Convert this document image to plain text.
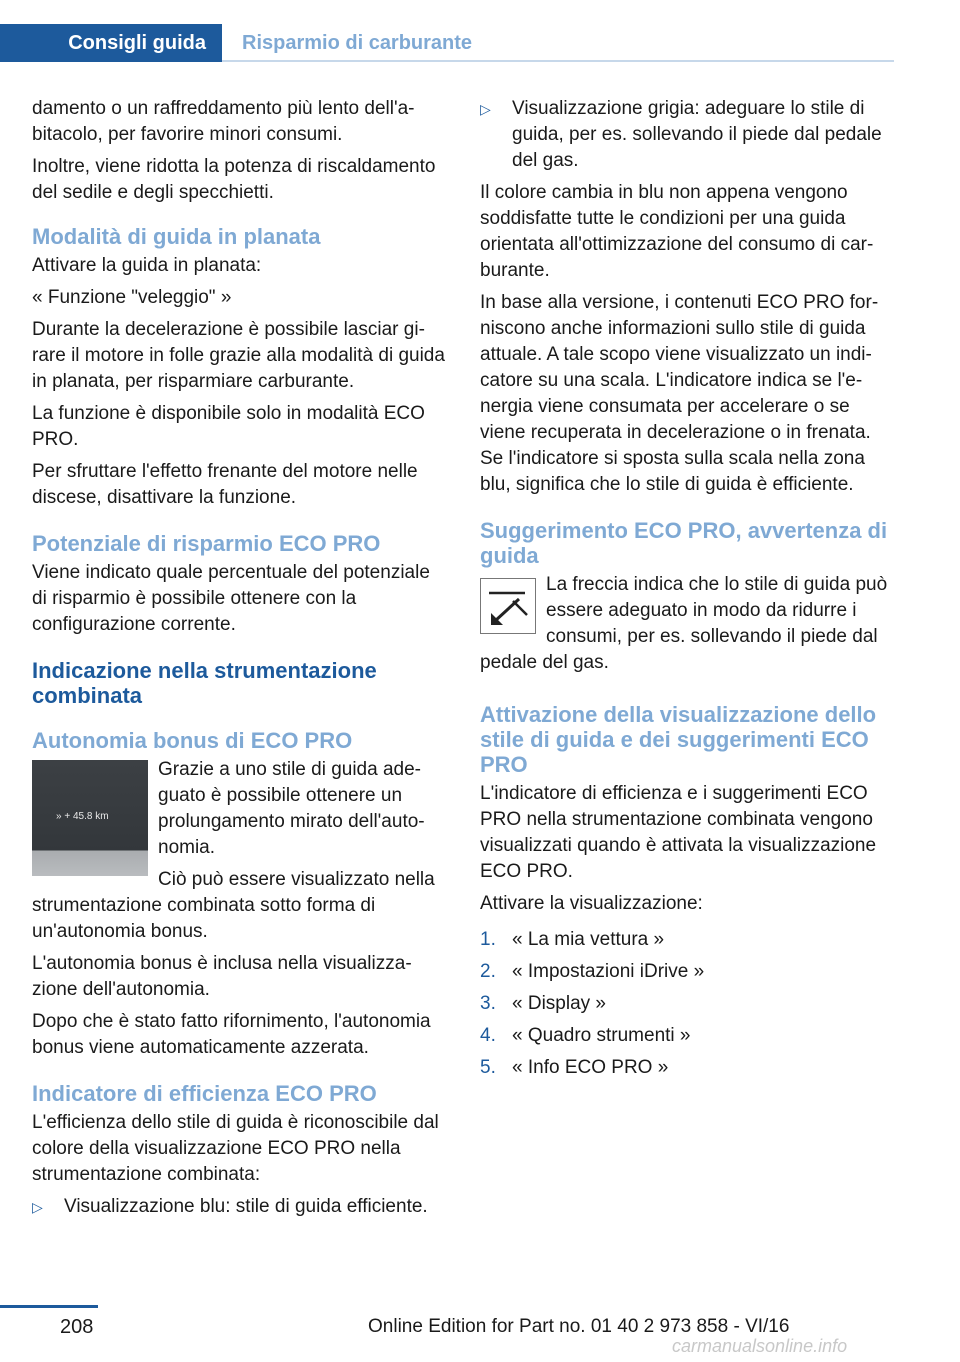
Consigli guida	Risparmio di carburante

damento o un raffreddamento più lento dell'abitacolo, per favorire minori consumi.

Inoltre, viene ridotta la potenza di riscaldamento del sedile e degli specchietti.

Modalità di guida in planata

Attivare la guida in planata:

« Funzione "veleggio" »

Durante la decelerazione è possibile lasciar girare il motore in folle grazie alla modalità di guida in planata, per risparmiare carburante.

La funzione è disponibile solo in modalità ECO PRO.

Per sfruttare l'effetto frenante del motore nelle discese, disattivare la funzione.

Potenziale di risparmio ECO PRO

Viene indicato quale percentuale del potenziale di risparmio è possibile ottenere con la configurazione corrente.

Indicazione nella strumentazione combinata
Autonomia bonus di ECO PRO
» + 45.8 km

Grazie a uno stile di guida adeguato è possibile ottenere un prolungamento mirato dell'autonomia.

Ciò può essere visualizzato nella strumentazione combinata sotto forma di un'autonomia bonus.

L'autonomia bonus è inclusa nella visualizzazione dell'autonomia.

Dopo che è stato fatto rifornimento, l'autonomia bonus viene automaticamente azzerata.

Indicatore di efficienza ECO PRO

L'efficienza dello stile di guida è riconoscibile dal colore della visualizzazione ECO PRO nella strumentazione combinata:

▷	Visualizzazione blu: stile di guida efficiente.
▷	Visualizzazione grigia: adeguare lo stile di guida, per es. sollevando il piede dal pedale del gas.

Il colore cambia in blu non appena vengono soddisfatte tutte le condizioni per una guida orientata all'ottimizzazione del consumo di carburante.

In base alla versione, i contenuti ECO PRO forniscono anche informazioni sullo stile di guida attuale. A tale scopo viene visualizzato un indicatore su una scala. L'indicatore indica se l'energia viene consumata per accelerare o se viene recuperata in decelerazione o in frenata. Se l'indicatore si sposta sulla scala nella zona blu, significa che lo stile di guida è efficiente.

Suggerimento ECO PRO, avvertenza di guida

La freccia indica che lo stile di guida può essere adeguato in modo da ridurre i consumi, per es. sollevando il piede dal pedale del gas.

Attivazione della visualizzazione dello stile di guida e dei suggerimenti ECO PRO

L'indicatore di efficienza e i suggerimenti ECO PRO nella strumentazione combinata vengono visualizzati quando è attivata la visualizzazione ECO PRO.

Attivare la visualizzazione:

1. « La mia vettura »
2. « Impostazioni iDrive »
3. « Display »
4. « Quadro strumenti »
5. « Info ECO PRO »
208	Online Edition for Part no. 01 40 2 973 858 - VI/16
carmanualsonline.info
